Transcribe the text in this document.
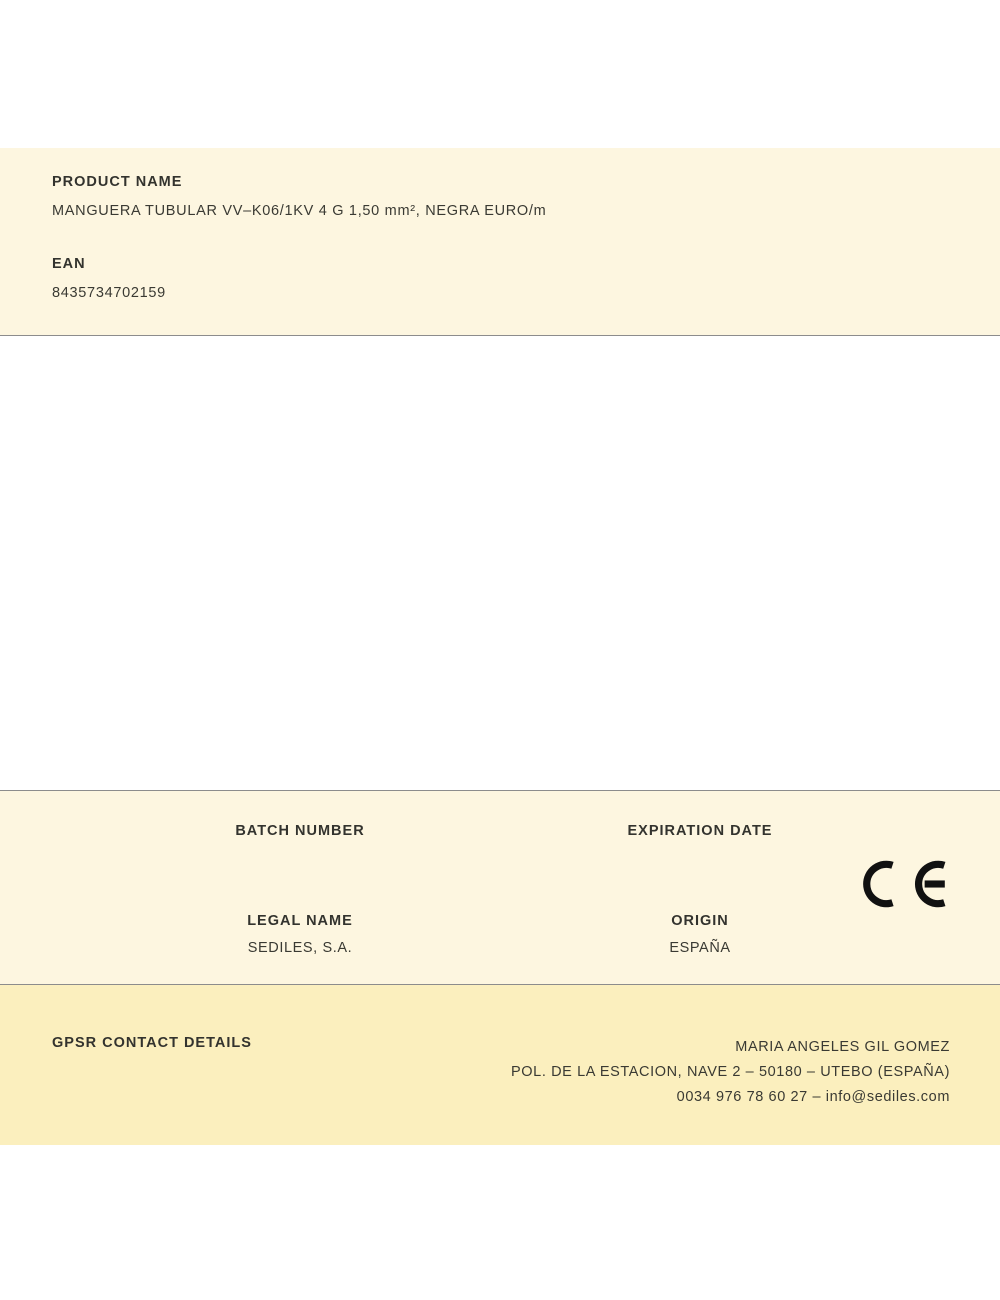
PRODUCT NAME
MANGUERA TUBULAR VV–K06/1KV 4 G 1,50 mm², NEGRA EURO/m
EAN
8435734702159
BATCH NUMBER	EXPIRATION DATE
LEGAL NAME
SEDILES, S.A.
ORIGIN
ESPAÑA
GPSR CONTACT DETAILS	MARIA ANGELES GIL GOMEZ
POL. DE LA ESTACION, NAVE 2 – 50180 – UTEBO (ESPAÑA)
0034 976 78 60 27 – info@sediles.com
